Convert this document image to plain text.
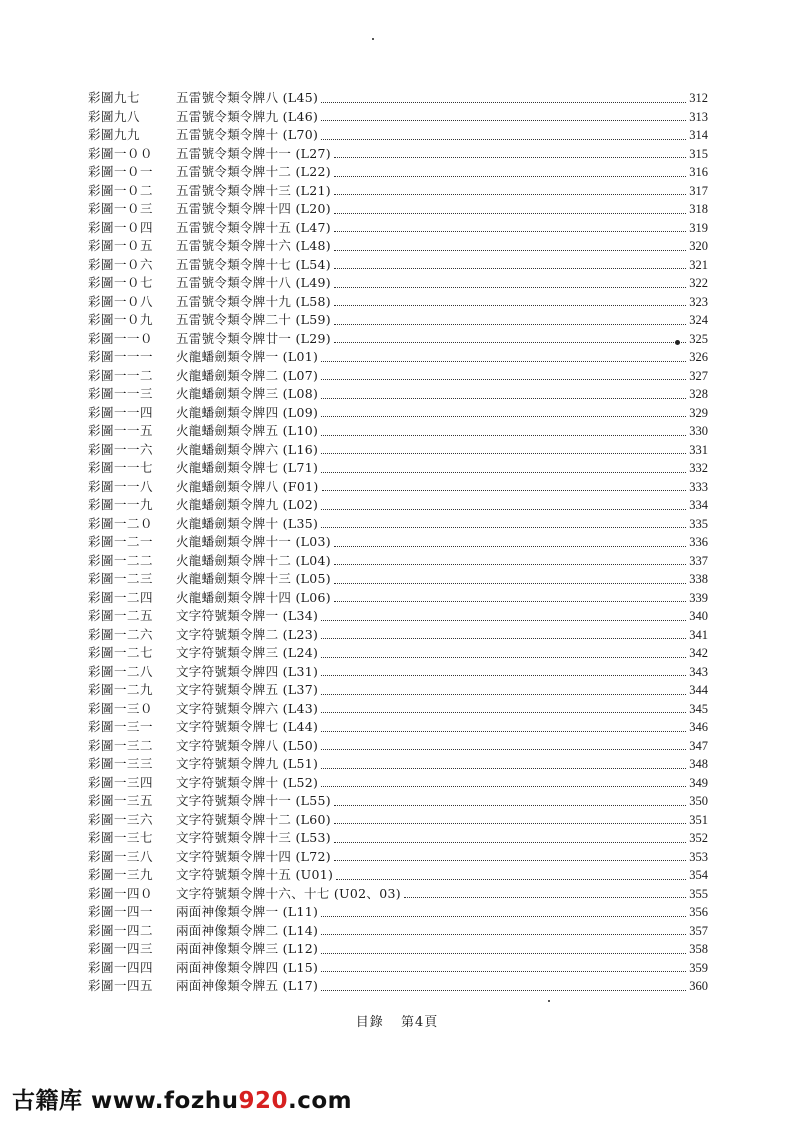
彩圖九七	五雷號令類令牌八 (L45)	312
彩圖九八	五雷號令類令牌九 (L46)	313
彩圖九九	五雷號令類令牌十 (L70)	314
彩圖一００	五雷號令類令牌十一 (L27)	315
彩圖一０一	五雷號令類令牌十二 (L22)	316
彩圖一０二	五雷號令類令牌十三 (L21)	317
彩圖一０三	五雷號令類令牌十四 (L20)	318
彩圖一０四	五雷號令類令牌十五 (L47)	319
彩圖一０五	五雷號令類令牌十六 (L48)	320
彩圖一０六	五雷號令類令牌十七 (L54)	321
彩圖一０七	五雷號令類令牌十八 (L49)	322
彩圖一０八	五雷號令類令牌十九 (L58)	323
彩圖一０九	五雷號令類令牌二十 (L59)	324
彩圖一一０	五雷號令類令牌廿一 (L29)	325
彩圖一一一	火龍蟠劍類令牌一 (L01)	326
彩圖一一二	火龍蟠劍類令牌二 (L07)	327
彩圖一一三	火龍蟠劍類令牌三 (L08)	328
彩圖一一四	火龍蟠劍類令牌四 (L09)	329
彩圖一一五	火龍蟠劍類令牌五 (L10)	330
彩圖一一六	火龍蟠劍類令牌六 (L16)	331
彩圖一一七	火龍蟠劍類令牌七 (L71)	332
彩圖一一八	火龍蟠劍類令牌八 (F01)	333
彩圖一一九	火龍蟠劍類令牌九 (L02)	334
彩圖一二０	火龍蟠劍類令牌十 (L35)	335
彩圖一二一	火龍蟠劍類令牌十一 (L03)	336
彩圖一二二	火龍蟠劍類令牌十二 (L04)	337
彩圖一二三	火龍蟠劍類令牌十三 (L05)	338
彩圖一二四	火龍蟠劍類令牌十四 (L06)	339
彩圖一二五	文字符號類令牌一 (L34)	340
彩圖一二六	文字符號類令牌二 (L23)	341
彩圖一二七	文字符號類令牌三 (L24)	342
彩圖一二八	文字符號類令牌四 (L31)	343
彩圖一二九	文字符號類令牌五 (L37)	344
彩圖一三０	文字符號類令牌六 (L43)	345
彩圖一三一	文字符號類令牌七 (L44)	346
彩圖一三二	文字符號類令牌八 (L50)	347
彩圖一三三	文字符號類令牌九 (L51)	348
彩圖一三四	文字符號類令牌十 (L52)	349
彩圖一三五	文字符號類令牌十一 (L55)	350
彩圖一三六	文字符號類令牌十二 (L60)	351
彩圖一三七	文字符號類令牌十三 (L53)	352
彩圖一三八	文字符號類令牌十四 (L72)	353
彩圖一三九	文字符號類令牌十五 (U01)	354
彩圖一四０	文字符號類令牌十六、十七 (U02、03)	355
彩圖一四一	兩面神像類令牌一 (L11)	356
彩圖一四二	兩面神像類令牌二 (L14)	357
彩圖一四三	兩面神像類令牌三 (L12)	358
彩圖一四四	兩面神像類令牌四 (L15)	359
彩圖一四五	兩面神像類令牌五 (L17)	360
目錄 第4頁
古籍库 www.fozhu920.com
